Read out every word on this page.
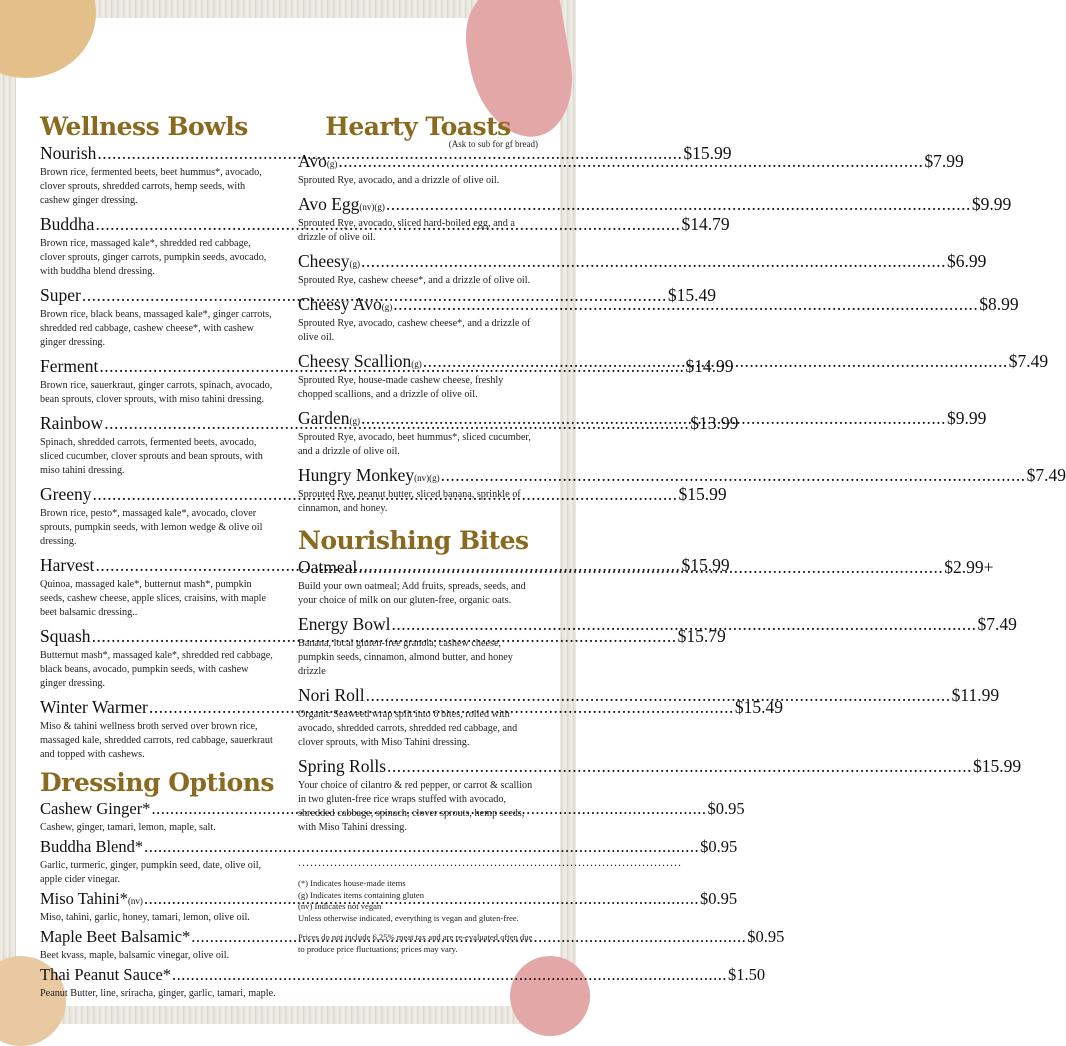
Wellness Bowls
Nourish .....	$15.99
Brown rice, fermented beets, beet hummus*, avocado, clover sprouts, shredded carrots, hemp seeds, with cashew ginger dressing.
Buddha .....	$14.79
Brown rice, massaged kale*, shredded red cabbage, clover sprouts, ginger carrots, pumpkin seeds, avocado, with buddha blend dressing.
Super .....	$15.49
Brown rice, black beans, massaged kale*, ginger carrots, shredded red cabbage, cashew cheese*, with cashew ginger dressing.
Ferment .....	$14.99
Brown rice, sauerkraut, ginger carrots, spinach, avocado, bean sprouts, clover sprouts, with miso tahini dressing.
Rainbow .....	$13.99
Spinach, shredded carrots, fermented beets, avocado, sliced cucumber, clover sprouts and bean sprouts, with miso tahini dressing.
Greeny .....	$15.99
Brown rice, pesto*, massaged kale*, avocado, clover sprouts, pumpkin seeds, with lemon wedge & olive oil dressing.
Harvest .....	$15.99
Quinoa, massaged kale*, butternut mash*, pumpkin seeds, cashew cheese, apple slices, craisins, with maple beet balsamic dressing..
Squash .....	$15.79
Butternut mash*, massaged kale*, shredded red cabbage, black beans, avocado, pumpkin seeds, with cashew ginger dressing.
Winter Warmer .....	$15.49
Miso & tahini wellness broth served over brown rice, massaged kale, shredded carrots, red cabbage, sauerkraut and topped with cashews.
Dressing Options
Cashew Ginger* .....	$0.95
Cashew, ginger, tamari, lemon, maple, salt.
Buddha Blend* .....	$0.95
Garlic, turmeric, ginger, pumpkin seed, date, olive oil, apple cider vinegar.
Miso Tahini* (nv) .....	$0.95
Miso, tahini, garlic, honey, tamari, lemon, olive oil.
Maple Beet Balsamic* .....	$0.95
Beet kvass, maple, balsamic vinegar, olive oil.
Thai Peanut Sauce* .....	$1.50
Peanut Butter, line, sriracha, ginger, garlic, tamari, maple.
Hearty Toasts
(Ask to sub for gf bread)
Avo (g) .....	$7.99
Sprouted Rye, avocado, and a drizzle of olive oil.
Avo Egg (nv)(g) .....	$9.99
Sprouted Rye, avocado, sliced hard-boiled egg, and a drizzle of olive oil.
Cheesy (g) .....	$6.99
Sprouted Rye, cashew cheese*, and a drizzle of olive oil.
Cheesy Avo (g) .....	$8.99
Sprouted Rye, avocado, cashew cheese*, and a drizzle of olive oil.
Cheesy Scallion (g) .....	$7.49
Sprouted Rye, house-made cashew cheese, freshly chopped scallions, and a drizzle of olive oil.
Garden (g) .....	$9.99
Sprouted Rye, avocado, beet hummus*, sliced cucumber, and a drizzle of olive oil.
Hungry Monkey (nv)(g) .....	$7.49
Sprouted Rye, peanut butter, sliced banana, sprinkle of cinnamon, and honey.
Nourishing Bites
Oatmeal .....	$2.99+
Build your own oatmeal; Add fruits, spreads, seeds, and your choice of milk on our gluten-free, organic oats.
Energy Bowl .....	$7.49
Banana, local gluten-free granola, cashew cheese, pumpkin seeds, cinnamon, almond butter, and honey drizzle
Nori Roll .....	$11.99
Organic Seaweed wrap split into 6 bites, rolled with avocado, shredded carrots, shredded red cabbage, and clover sprouts, with Miso Tahini dressing.
Spring Rolls .....	$15.99
Your choice of cilantro & red pepper, or carrot & scallion in two gluten-free rice wraps stuffed with avocado, shredded cabbage, spinach, clover sprouts, hemp seeds, with Miso Tahini dressing.
................................................................................................

(*) Indicates house-made items

(g) Indicates items containing gluten

(nv) Indicates not vegan

Unless otherwise indicated, everything is vegan and gluten-free.

Prices do not include 6.25% meat tax and are re-evaluated often due to produce price fluctuations; prices may vary.
